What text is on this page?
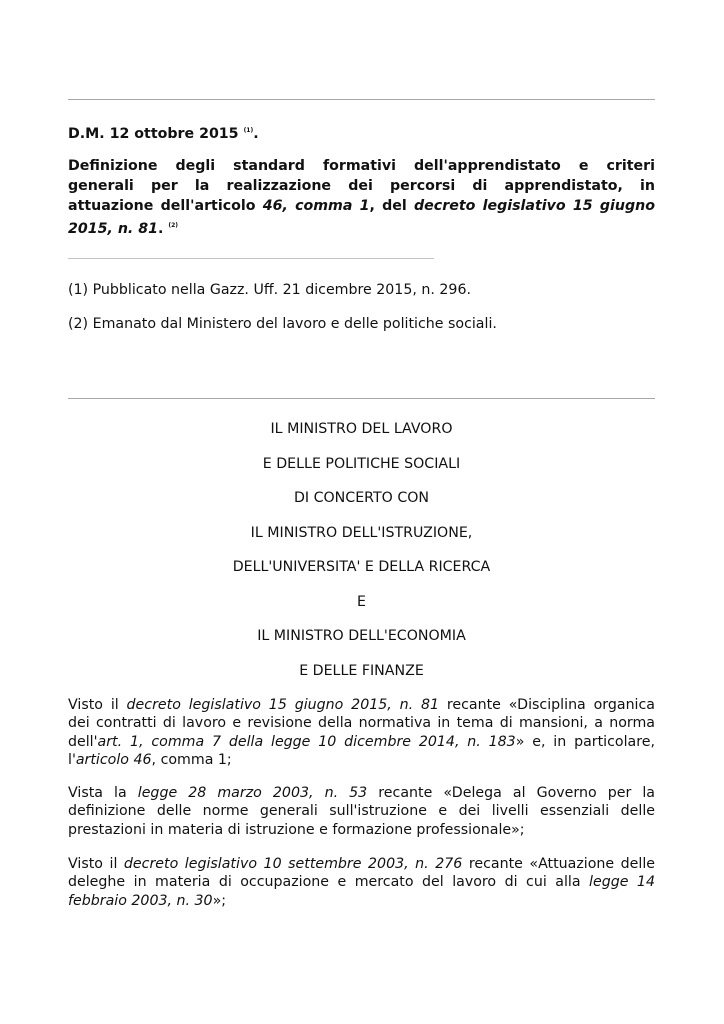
D.M. 12 ottobre 2015 $^{(1)}$.

Definizione degli standard formativi dell'apprendistato e criteri
generali per la realizzazione dei percorsi di apprendistato, in
attuazione dell'articolo 46, comma 1, del decreto legislativo 15 giugno
2015, n. 81. $^{(2)}$

(1) Pubblicato nella Gazz. Uff. 21 dicembre 2015, n. 296.

(2) Emanato dal Ministero del lavoro e delle politiche sociali.

IL MINISTRO DEL LAVORO

E DELLE POLITICHE SOCIALI

DI CONCERTO CON

IL MINISTRO DELL'ISTRUZIONE,

DELL'UNIVERSITA' E DELLA RICERCA

E

IL MINISTRO DELL'ECONOMIA

E DELLE FINANZE

Visto il decreto legislativo 15 giugno 2015, n. 81 recante «Disciplina organica
dei contratti di lavoro e revisione della normativa in tema di mansioni, a norma
dell'art. 1, comma 7 della legge 10 dicembre 2014, n. 183» e, in particolare,
l'articolo 46, comma 1;
Vista la legge 28 marzo 2003, n. 53 recante «Delega al Governo per la
definizione delle norme generali sull'istruzione e dei livelli essenziali delle
prestazioni in materia di istruzione e formazione professionale»;
Visto il decreto legislativo 10 settembre 2003, n. 276 recante «Attuazione delle
deleghe in materia di occupazione e mercato del lavoro di cui alla legge 14
febbraio 2003, n. 30»;
